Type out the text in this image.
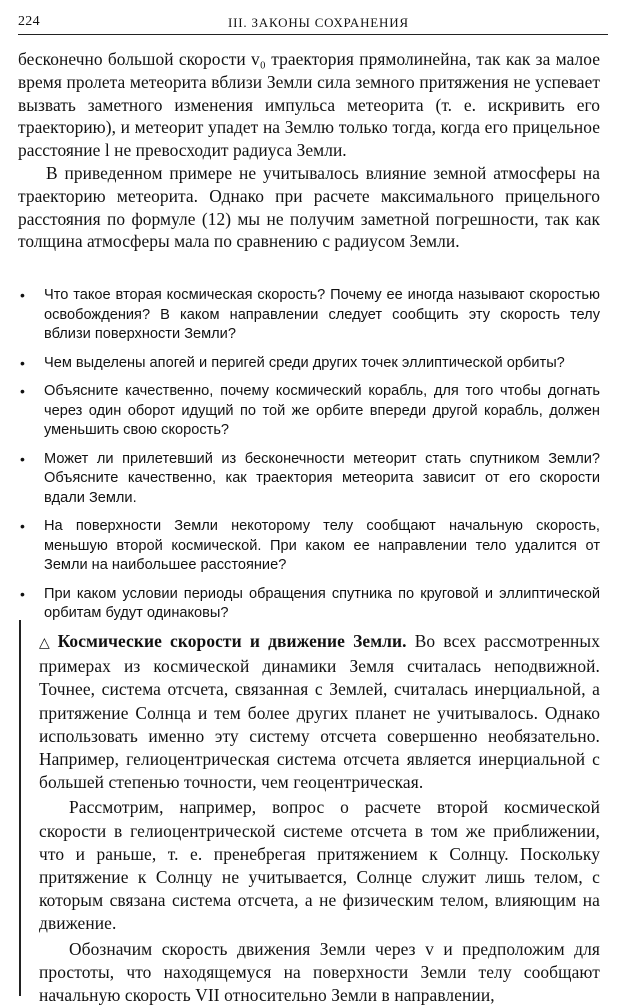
224	III. ЗАКОНЫ СОХРАНЕНИЯ

бесконечно большой скорости v₀ траектория прямолинейна, так как за малое время пролета метеорита вблизи Земли сила земного притяжения не успевает вызвать заметного изменения импульса метеорита (т. е. искривить его траекторию), и метеорит упадет на Землю только тогда, когда его прицельное расстояние l не превосходит радиуса Земли.

В приведенном примере не учитывалось влияние земной атмосферы на траекторию метеорита. Однако при расчете максимального прицельного расстояния по формуле (12) мы не получим заметной погрешности, так как толщина атмосферы мала по сравнению с радиусом Земли.

• Что такое вторая космическая скорость? Почему ее иногда называют скоростью освобождения? В каком направлении следует сообщить эту скорость телу вблизи поверхности Земли?
• Чем выделены апогей и перигей среди других точек эллиптической орбиты?
• Объясните качественно, почему космический корабль, для того чтобы догнать через один оборот идущий по той же орбите впереди другой корабль, должен уменьшить свою скорость?
• Может ли прилетевший из бесконечности метеорит стать спутником Земли? Объясните качественно, как траектория метеорита зависит от его скорости вдали Земли.
• На поверхности Земли некоторому телу сообщают начальную скорость, меньшую второй космической. При каком ее направлении тело удалится от Земли на наибольшее расстояние?
• При каком условии периоды обращения спутника по круговой и эллиптической орбитам будут одинаковы?

△ Космические скорости и движение Земли. Во всех рассмотренных примерах из космической динамики Земля считалась неподвижной. Точнее, система отсчета, связанная с Землей, считалась инерциальной, а притяжение Солнца и тем более других планет не учитывалось. Однако использовать именно эту систему отсчета совершенно необязательно. Например, гелиоцентрическая система отсчета является инерциальной с большей степенью точности, чем геоцентрическая.

Рассмотрим, например, вопрос о расчете второй космической скорости в гелиоцентрической системе отсчета в том же приближении, что и раньше, т. е. пренебрегая притяжением к Солнцу. Поскольку притяжение к Солнцу не учитывается, Солнце служит лишь телом, с которым связана система отсчета, а не физическим телом, влияющим на движение.

Обозначим скорость движения Земли через v и предположим для простоты, что находящемуся на поверхности Земли телу сообщают начальную скорость VII относительно Земли в направлении,
